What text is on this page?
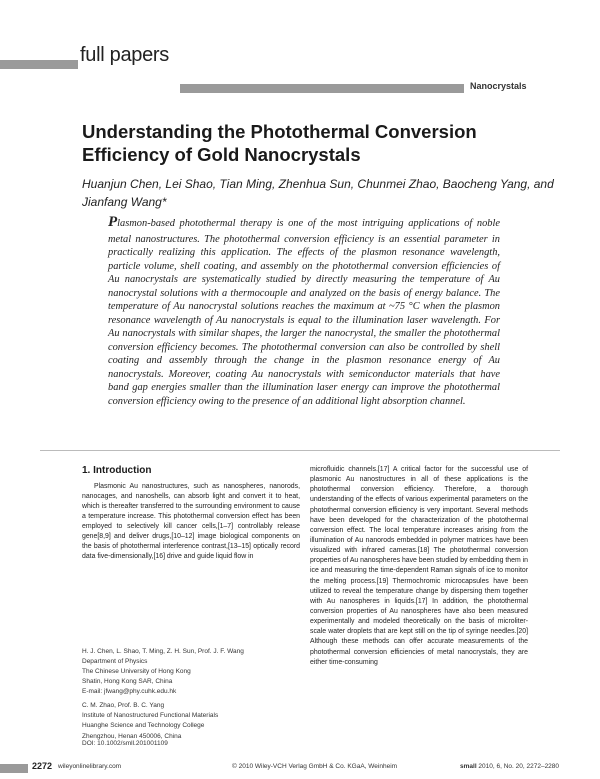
full papers
Nanocrystals
Understanding the Photothermal Conversion Efficiency of Gold Nanocrystals
Huanjun Chen, Lei Shao, Tian Ming, Zhenhua Sun, Chunmei Zhao, Baocheng Yang, and Jianfang Wang*
Plasmon-based photothermal therapy is one of the most intriguing applications of noble metal nanostructures. The photothermal conversion efficiency is an essential parameter in practically realizing this application. The effects of the plasmon resonance wavelength, particle volume, shell coating, and assembly on the photothermal conversion efficiencies of Au nanocrystals are systematically studied by directly measuring the temperature of Au nanocrystal solutions with a thermocouple and analyzed on the basis of energy balance. The temperature of Au nanocrystal solutions reaches the maximum at ~75 °C when the plasmon resonance wavelength of Au nanocrystals is equal to the illumination laser wavelength. For Au nanocrystals with similar shapes, the larger the nanocrystal, the smaller the photothermal conversion efficiency becomes. The photothermal conversion can also be controlled by shell coating and assembly through the change in the plasmon resonance energy of Au nanocrystals. Moreover, coating Au nanocrystals with semiconductor materials that have band gap energies smaller than the illumination laser energy can improve the photothermal conversion efficiency owing to the presence of an additional light absorption channel.
1. Introduction

Plasmonic Au nanostructures, such as nanospheres, nanorods, nanocages, and nanoshells, can absorb light and convert it to heat, which is thereafter transferred to the surrounding environment to cause a temperature increase. This photothermal conversion effect has been employed to selectively kill cancer cells,[1–7] controllably release gene[8,9] and deliver drugs,[10–12] image biological components on the basis of photothermal interference contrast,[13–15] optically record data five-dimensionally,[16] drive and guide liquid flow in

H. J. Chen, L. Shao, T. Ming, Z. H. Sun, Prof. J. F. Wang
Department of Physics
The Chinese University of Hong Kong
Shatin, Hong Kong SAR, China
E-mail: jfwang@phy.cuhk.edu.hk
C. M. Zhao, Prof. B. C. Yang
Institute of Nanostructured Functional Materials
Huanghe Science and Technology College
Zhengzhou, Henan 450006, China
DOI: 10.1002/smll.201001109

microfluidic channels.[17] A critical factor for the successful use of plasmonic Au nanostructures in all of these applications is the photothermal conversion efficiency. Therefore, a thorough understanding of the effects of various experimental parameters on the photothermal conversion efficiency is very important. Several methods have been developed for the characterization of the photothermal conversion effect. The local temperature increases arising from the illumination of Au nanorods embedded in polymer matrices have been visualized with infrared cameras.[18] The photothermal conversion properties of Au nanospheres have been studied by embedding them in ice and measuring the time-dependent Raman signals of ice to monitor the melting process.[19] Thermochromic microcapsules have been utilized to reveal the temperature change by dispersing them together with Au nanospheres in liquids.[17] In addition, the photothermal conversion properties of Au nanospheres have also been measured experimentally and modeled theoretically on the basis of microliter-scale water droplets that are kept still on the tip of syringe needles.[20] Although these methods can offer accurate measurements of the photothermal conversion efficiencies of metal nanocrystals, they are either time-consuming

2272 wileyonlinelibrary.com	© 2010 Wiley-VCH Verlag GmbH & Co. KGaA, Weinheim	small 2010, 6, No. 20, 2272–2280
